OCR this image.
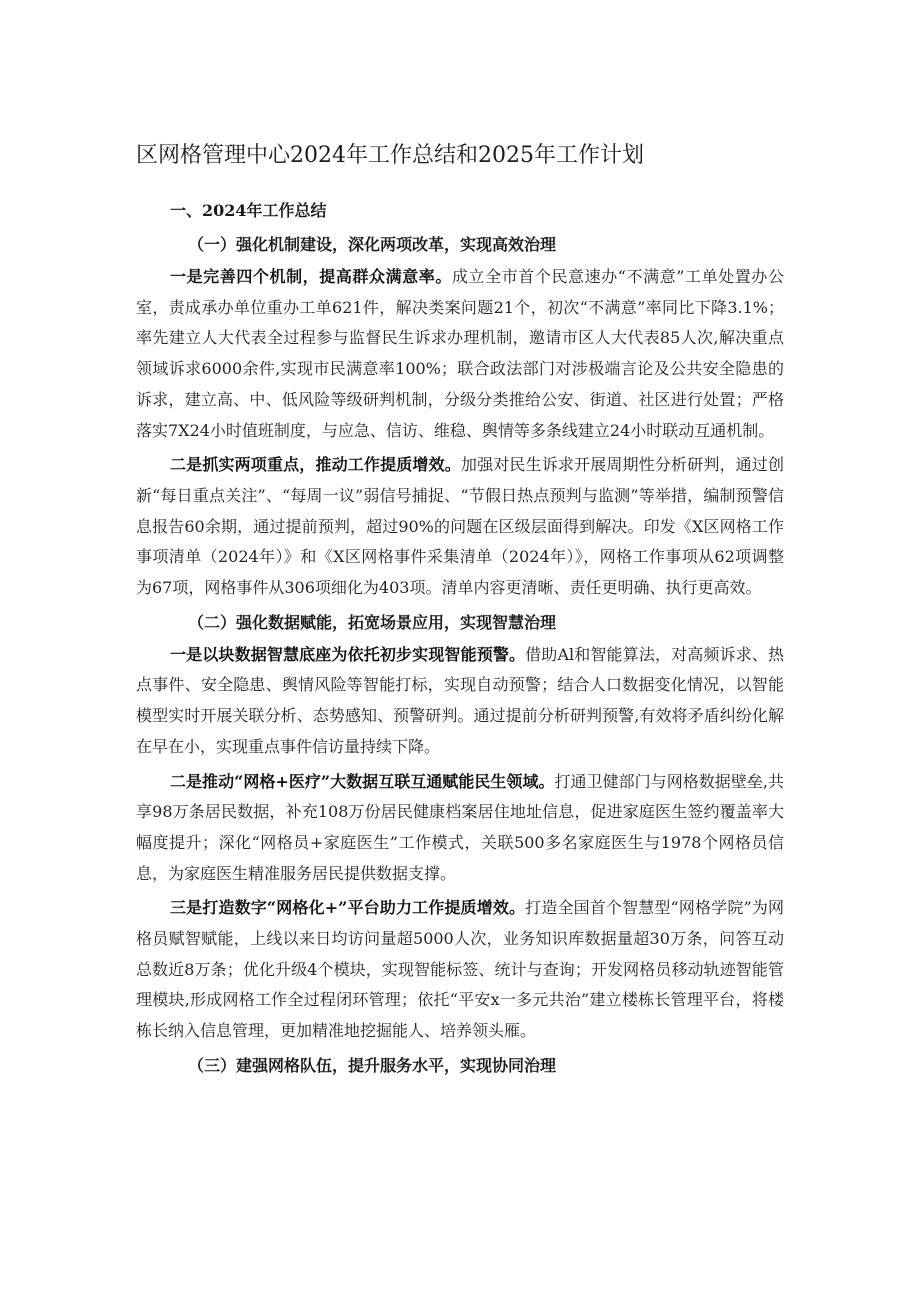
区网格管理中心2024年工作总结和2025年工作计划
一、2024年工作总结
（一）强化机制建设，深化两项改革，实现高效治理

一是完善四个机制，提高群众满意率。成立全市首个民意速办“不满意”工单处置办公室，责成承办单位重办工单621件，解决类案问题21个，初次“不满意”率同比下降3.1%；率先建立人大代表全过程参与监督民生诉求办理机制，邀请市区人大代表85人次,解决重点领域诉求6000余件,实现市民满意率100%；联合政法部门对涉极端言论及公共安全隐患的诉求，建立高、中、低风险等级研判机制，分级分类推给公安、街道、社区进行处置；严格落实7X24小时值班制度，与应急、信访、维稳、舆情等多条线建立24小时联动互通机制。

二是抓实两项重点，推动工作提质增效。加强对民生诉求开展周期性分析研判，通过创新“每日重点关注”、“每周一议”弱信号捕捉、“节假日热点预判与监测”等举措，编制预警信息报告60余期，通过提前预判，超过90%的问题在区级层面得到解决。印发《X区网格工作事项清单（2024年）》和《X区网格事件采集清单（2024年）》，网格工作事项从62项调整为67项，网格事件从306项细化为403项。清单内容更清晰、责任更明确、执行更高效。

（二）强化数据赋能，拓宽场景应用，实现智慧治理

一是以块数据智慧底座为依托初步实现智能预警。借助Al和智能算法，对高频诉求、热点事件、安全隐患、舆情风险等智能打标，实现自动预警；结合人口数据变化情况，以智能模型实时开展关联分析、态势感知、预警研判。通过提前分析研判预警,有效将矛盾纠纷化解在早在小，实现重点事件信访量持续下降。

二是推动“网格+医疗”大数据互联互通赋能民生领域。打通卫健部门与网格数据壁垒,共享98万条居民数据，补充108万份居民健康档案居住地址信息，促进家庭医生签约覆盖率大幅度提升；深化“网格员+家庭医生”工作模式，关联500多名家庭医生与1978个网格员信息，为家庭医生精准服务居民提供数据支撑。

三是打造数字“网格化+”平台助力工作提质增效。打造全国首个智慧型“网格学院”为网格员赋智赋能，上线以来日均访问量超5000人次，业务知识库数据量超30万条，问答互动总数近8万条；优化升级4个模块，实现智能标签、统计与查询；开发网格员移动轨迹智能管理模块,形成网格工作全过程闭环管理；依托“平安x一多元共治”建立楼栋长管理平台，将楼栋长纳入信息管理，更加精准地挖掘能人、培养领头雁。

（三）建强网格队伍，提升服务水平，实现协同治理
